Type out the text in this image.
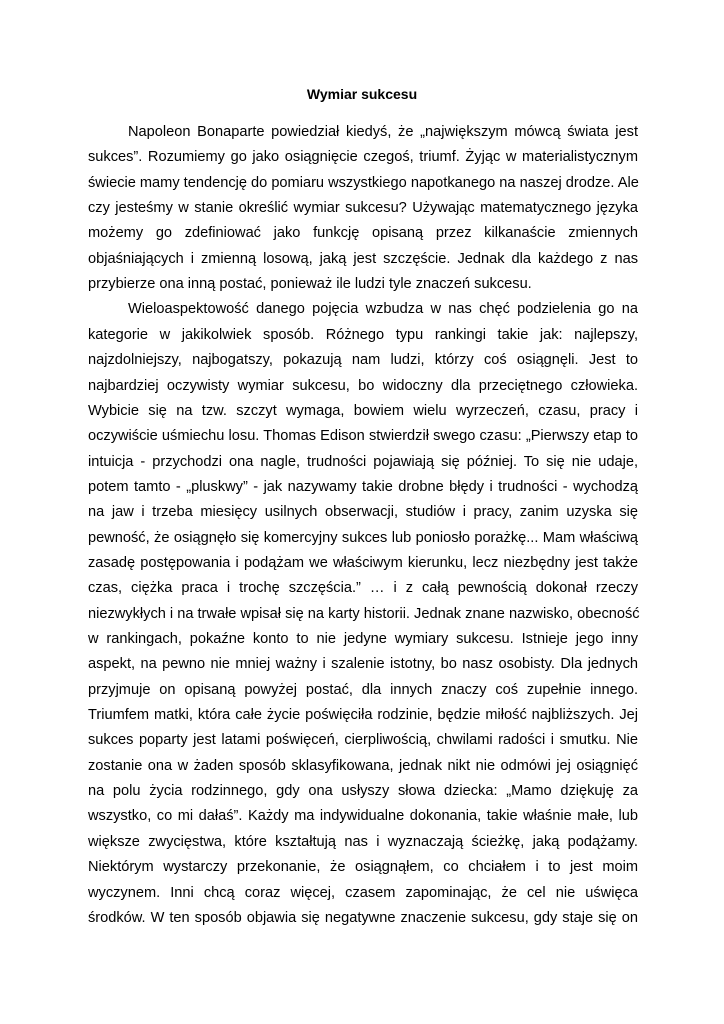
Wymiar sukcesu
Napoleon Bonaparte powiedział kiedyś, że „największym mówcą świata jest
sukces”. Rozumiemy go jako osiągnięcie czegoś, triumf. Żyjąc w materialistycznym
świecie mamy tendencję do pomiaru wszystkiego napotkanego na naszej drodze. Ale
czy jesteśmy w stanie określić wymiar sukcesu? Używając matematycznego języka
możemy go zdefiniować jako funkcję opisaną przez kilkanaście zmiennych
objaśniających i zmienną losową, jaką jest szczęście. Jednak dla każdego z nas
przybierze ona inną postać, ponieważ ile ludzi tyle znaczeń sukcesu.
Wieloaspektowość danego pojęcia wzbudza w nas chęć podzielenia go na
kategorie w jakikolwiek sposób. Różnego typu rankingi takie jak: najlepszy,
najzdolniejszy, najbogatszy, pokazują nam ludzi, którzy coś osiągnęli. Jest to
najbardziej oczywisty wymiar sukcesu, bo widoczny dla przeciętnego człowieka.
Wybicie się na tzw. szczyt wymaga, bowiem wielu wyrzeczeń, czasu, pracy i
oczywiście uśmiechu losu. Thomas Edison stwierdził swego czasu: „Pierwszy etap to
intuicja - przychodzi ona nagle, trudności pojawiają się później. To się nie udaje,
potem tamto - „pluskwy” - jak nazywamy takie drobne błędy i trudności - wychodzą
na jaw i trzeba miesięcy usilnych obserwacji, studiów i pracy, zanim uzyska się
pewność, że osiągnęło się komercyjny sukces lub poniosło porażkę... Mam właściwą
zasadę postępowania i podążam we właściwym kierunku, lecz niezbędny jest także
czas, ciężka praca i trochę szczęścia.” … i z całą pewnością dokonał rzeczy
niezwykłych i na trwałe wpisał się na karty historii. Jednak znane nazwisko, obecność
w rankingach, pokaźne konto to nie jedyne wymiary sukcesu. Istnieje jego inny
aspekt, na pewno nie mniej ważny i szalenie istotny, bo nasz osobisty. Dla jednych
przyjmuje on opisaną powyżej postać, dla innych znaczy coś zupełnie innego.
Triumfem matki, która całe życie poświęciła rodzinie, będzie miłość najbliższych. Jej
sukces poparty jest latami poświęceń, cierpliwością, chwilami radości i smutku. Nie
zostanie ona w żaden sposób sklasyfikowana, jednak nikt nie odmówi jej osiągnięć
na polu życia rodzinnego, gdy ona usłyszy słowa dziecka: „Mamo dziękuję za
wszystko, co mi dałaś”. Każdy ma indywidualne dokonania, takie właśnie małe, lub
większe zwycięstwa, które kształtują nas i wyznaczają ścieżkę, jaką podążamy.
Niektórym wystarczy przekonanie, że osiągnąłem, co chciałem i to jest moim
wyczynem. Inni chcą coraz więcej, czasem zapominając, że cel nie uświęca
środków. W ten sposób objawia się negatywne znaczenie sukcesu, gdy staje się on
